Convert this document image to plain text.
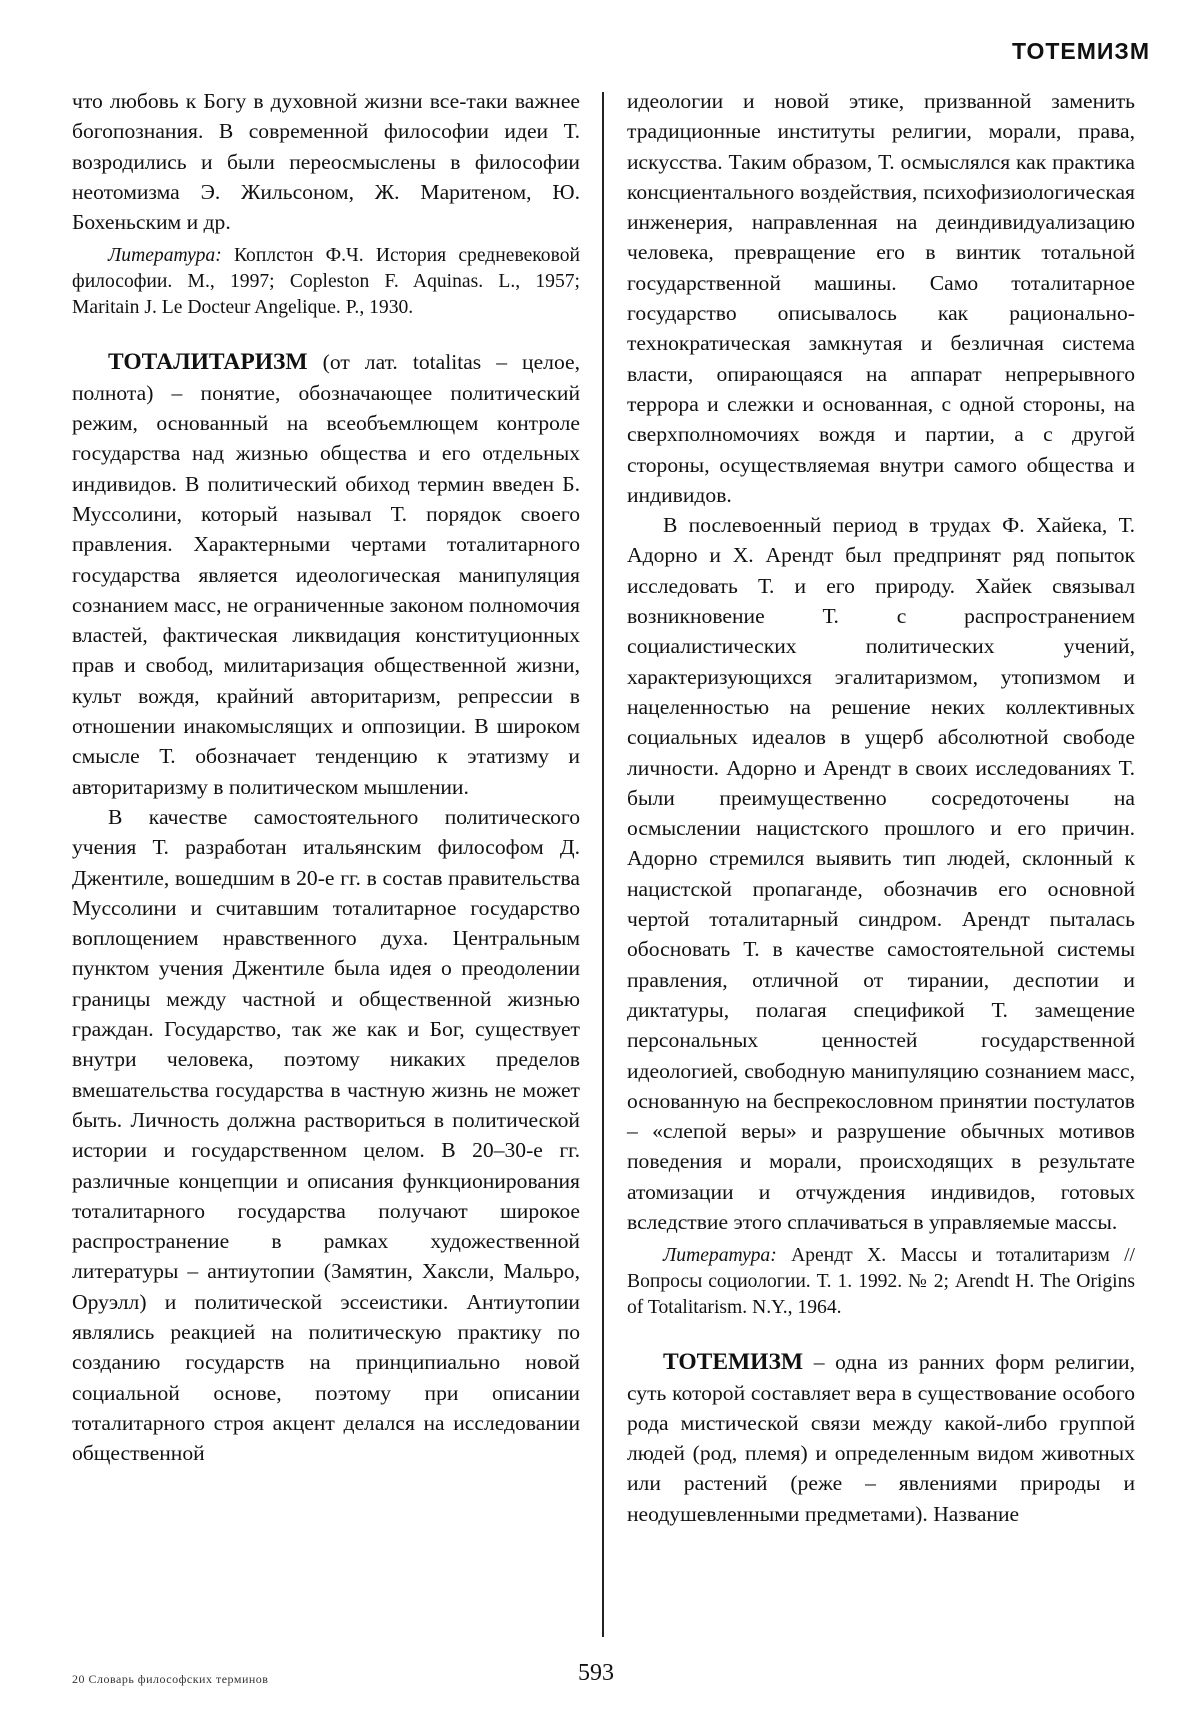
ТОТЕМИЗМ

что любовь к Богу в духовной жизни все-таки важнее богопознания. В современной философии идеи Т. возродились и были переосмыслены в философии неотомизма Э. Жильсоном, Ж. Маритеном, Ю. Бохеньским и др.

Литература: Коплстон Ф.Ч. История средневековой философии. М., 1997; Copleston F. Aquinas. L., 1957; Maritain J. Le Docteur Angelique. P., 1930.

ТОТАЛИТАРИЗМ (от лат. totalitas – целое, полнота) – понятие, обозначающее политический режим, основанный на всеобъемлющем контроле государства над жизнью общества и его отдельных индивидов. В политический обиход термин введен Б. Муссолини, который называл Т. порядок своего правления. Характерными чертами тоталитарного государства является идеологическая манипуляция сознанием масс, не ограниченные законом полномочия властей, фактическая ликвидация конституционных прав и свобод, милитаризация общественной жизни, культ вождя, крайний авторитаризм, репрессии в отношении инакомыслящих и оппозиции. В широком смысле Т. обозначает тенденцию к этатизму и авторитаризму в политическом мышлении.

В качестве самостоятельного политического учения Т. разработан итальянским философом Д. Джентиле, вошедшим в 20-е гг. в состав правительства Муссолини и считавшим тоталитарное государство воплощением нравственного духа. Центральным пунктом учения Джентиле была идея о преодолении границы между частной и общественной жизнью граждан. Государство, так же как и Бог, существует внутри человека, поэтому никаких пределов вмешательства государства в частную жизнь не может быть. Личность должна раствориться в политической истории и государственном целом. В 20–30-е гг. различные концепции и описания функционирования тоталитарного государства получают широкое распространение в рамках художественной литературы – антиутопии (Замятин, Хаксли, Мальро, Оруэлл) и политической эссеистики. Антиутопии являлись реакцией на политическую практику по созданию государств на принципиально новой социальной основе, поэтому при описании тоталитарного строя акцент делался на исследовании общественной

идеологии и новой этике, призванной заменить традиционные институты религии, морали, права, искусства. Таким образом, Т. осмыслялся как практика консциентального воздействия, психофизиологическая инженерия, направленная на деиндивидуализацию человека, превращение его в винтик тотальной государственной машины. Само тоталитарное государство описывалось как рационально-технократическая замкнутая и безличная система власти, опирающаяся на аппарат непрерывного террора и слежки и основанная, с одной стороны, на сверхполномочиях вождя и партии, а с другой стороны, осуществляемая внутри самого общества и индивидов.

В послевоенный период в трудах Ф. Хайека, Т. Адорно и Х. Арендт был предпринят ряд попыток исследовать Т. и его природу. Хайек связывал возникновение Т. с распространением социалистических политических учений, характеризующихся эгалитаризмом, утопизмом и нацеленностью на решение неких коллективных социальных идеалов в ущерб абсолютной свободе личности. Адорно и Арендт в своих исследованиях Т. были преимущественно сосредоточены на осмыслении нацистского прошлого и его причин. Адорно стремился выявить тип людей, склонный к нацистской пропаганде, обозначив его основной чертой тоталитарный синдром. Арендт пыталась обосновать Т. в качестве самостоятельной системы правления, отличной от тирании, деспотии и диктатуры, полагая спецификой Т. замещение персональных ценностей государственной идеологией, свободную манипуляцию сознанием масс, основанную на беспрекословном принятии постулатов – «слепой веры» и разрушение обычных мотивов поведения и морали, происходящих в результате атомизации и отчуждения индивидов, готовых вследствие этого сплачиваться в управляемые массы.

Литература: Арендт Х. Массы и тоталитаризм // Вопросы социологии. Т. 1. 1992. № 2; Arendt H. The Origins of Totalitarism. N.Y., 1964.

ТОТЕМИЗМ – одна из ранних форм религии, суть которой составляет вера в существование особого рода мистической связи между какой-либо группой людей (род, племя) и определенным видом животных или растений (реже – явлениями природы и неодушевленными предметами). Название

20 Словарь философских терминов	593
